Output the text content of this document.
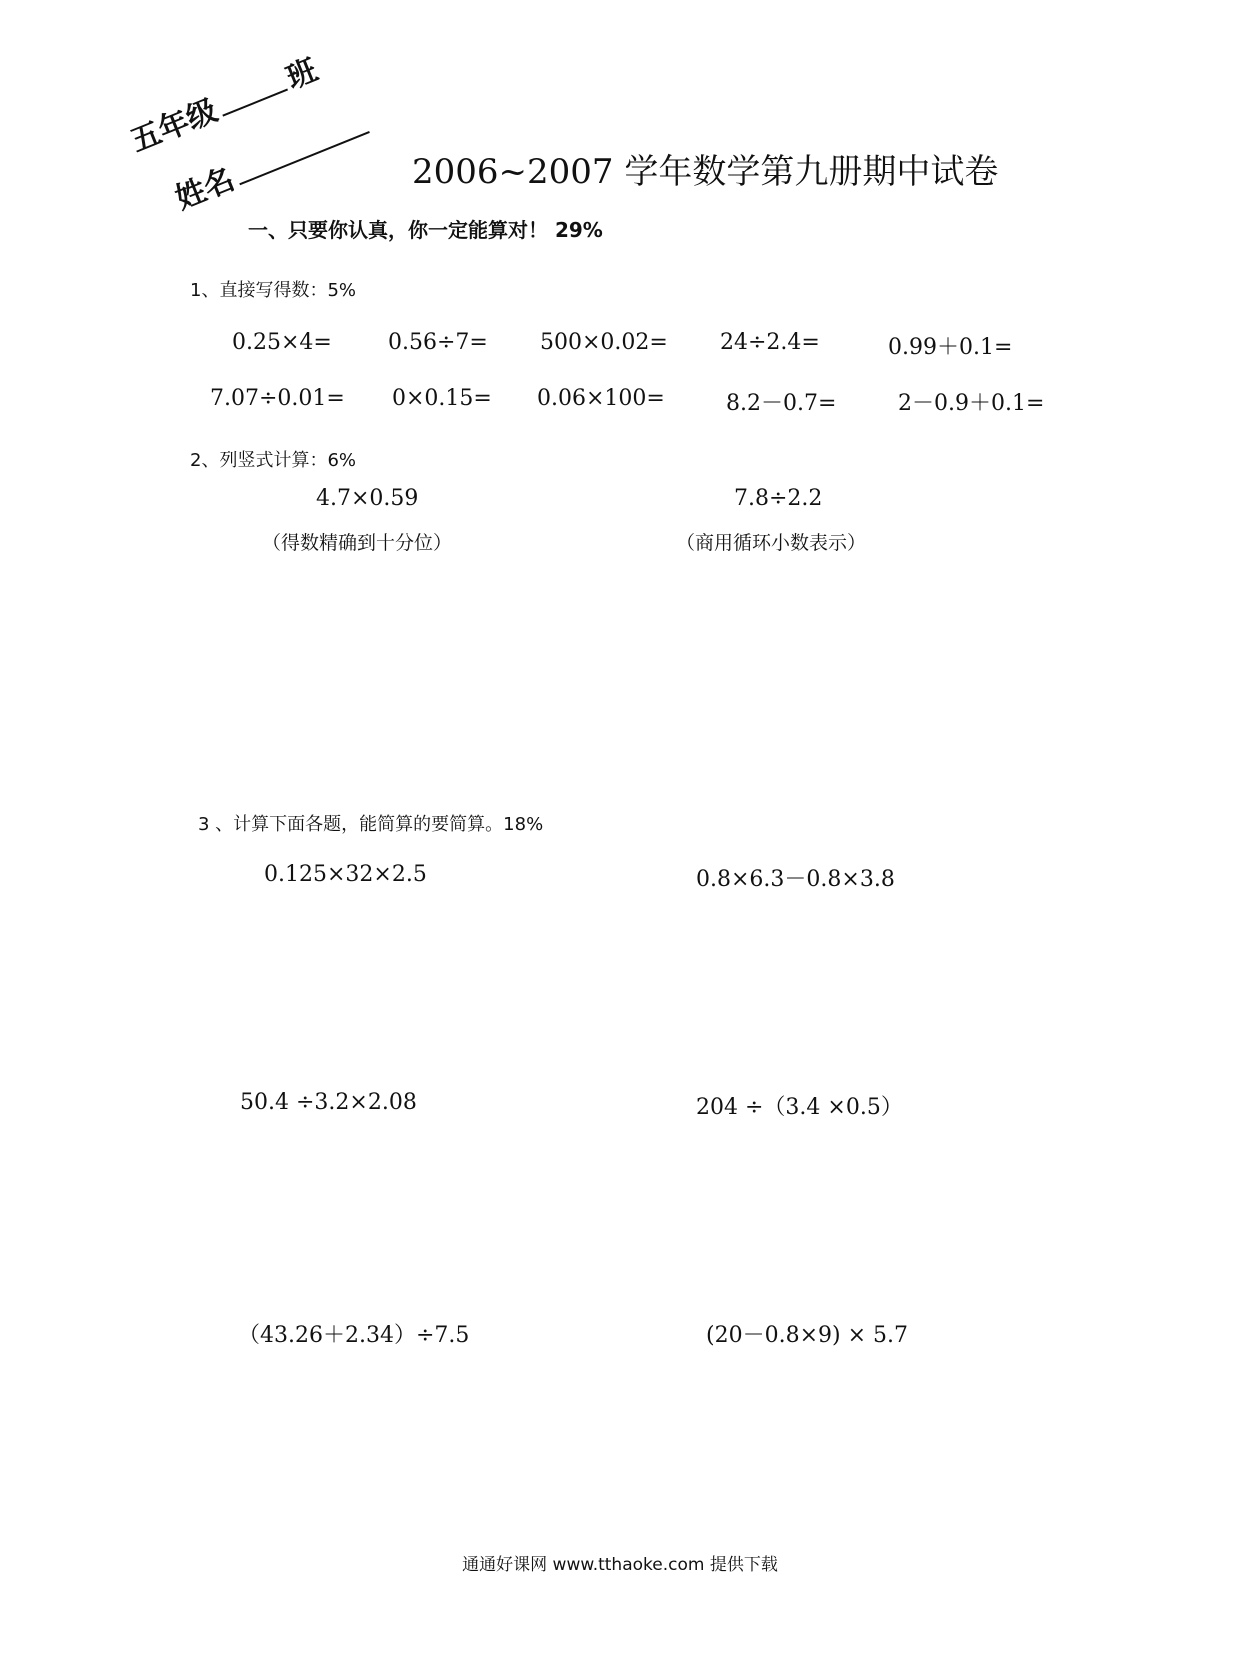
五年级班
姓名	2006~2007 学年数学第九册期中试卷
一、只要你认真，你一定能算对！ 29%
1、直接写得数：5%
0.25×4=	0.56÷7= 500×0.02= 24÷2.4=	0.99＋0.1=
7.07÷0.01= 0×0.15= 0.06×100=	8.2－0.7=	2－0.9＋0.1=
2、列竖式计算：6%
4.7×0.59
（得数精确到十分位）
7.8÷2.2
（商用循环小数表示）
3 、计算下面各题，能简算的要简算。18%
0.125×32×2.5	0.8×6.3－0.8×3.8
50.4 ÷3.2×2.08	204 ÷（3.4 ×0.5）
（43.26＋2.34）÷7.5	(20－0.8×9) × 5.7
通通好课网 www.tthaoke.com 提供下载
